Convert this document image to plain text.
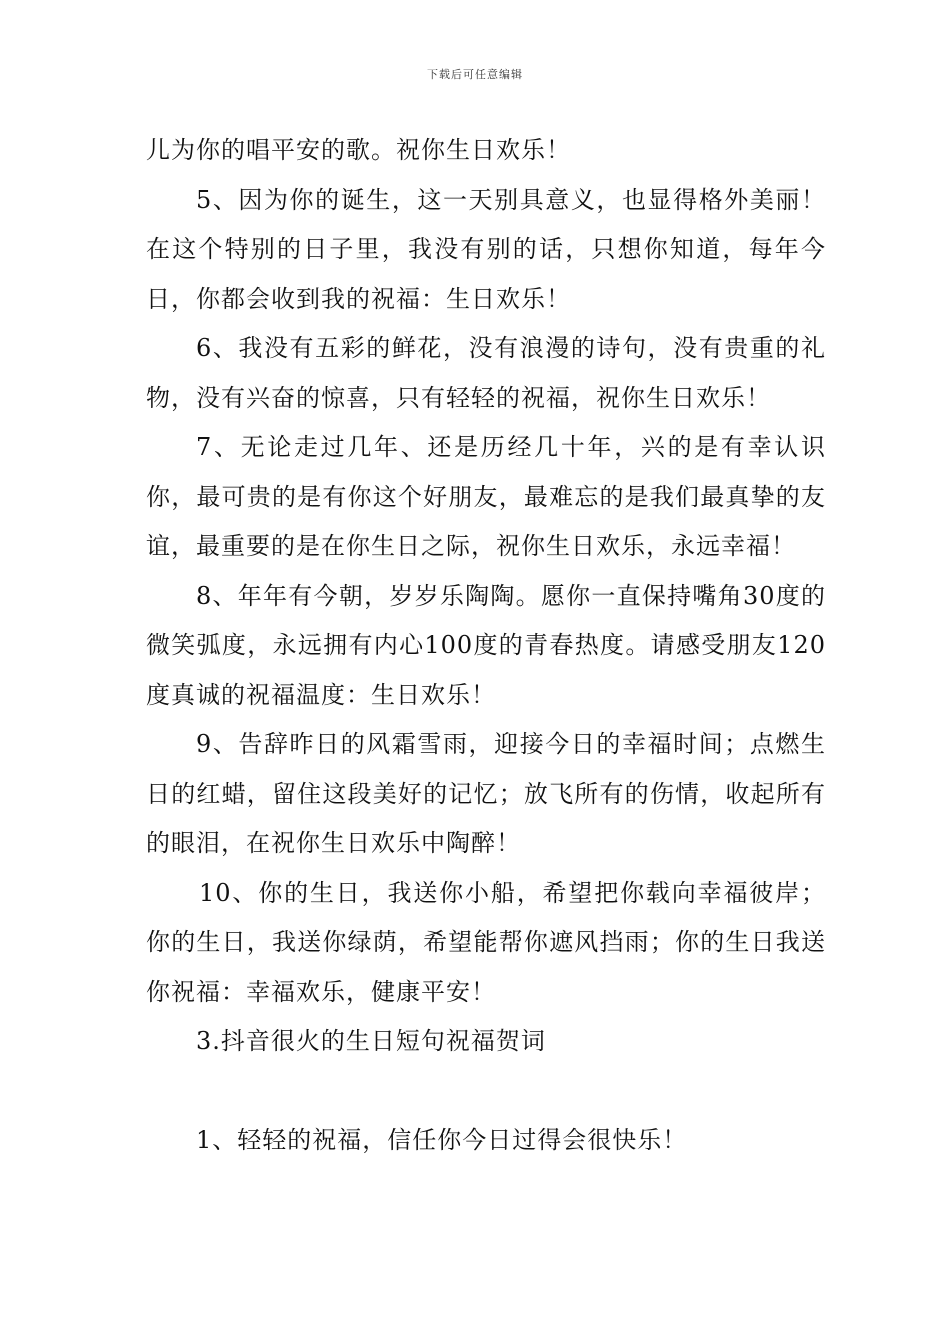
下载后可任意编辑

儿为你的唱平安的歌。祝你生日欢乐！

5、因为你的诞生，这一天别具意义，也显得格外美丽！在这个特别的日子里，我没有别的话，只想你知道，每年今日，你都会收到我的祝福：生日欢乐！

6、我没有五彩的鲜花，没有浪漫的诗句，没有贵重的礼物，没有兴奋的惊喜，只有轻轻的祝福，祝你生日欢乐！

7、无论走过几年、还是历经几十年，兴的是有幸认识你，最可贵的是有你这个好朋友，最难忘的是我们最真挚的友谊，最重要的是在你生日之际，祝你生日欢乐，永远幸福！

8、年年有今朝，岁岁乐陶陶。愿你一直保持嘴角30度的微笑弧度，永远拥有内心100度的青春热度。请感受朋友120度真诚的祝福温度：生日欢乐！

9、告辞昨日的风霜雪雨，迎接今日的幸福时间；点燃生日的红蜡，留住这段美好的记忆；放飞所有的伤情，收起所有的眼泪，在祝你生日欢乐中陶醉！

10、你的生日，我送你小船，希望把你载向幸福彼岸；你的生日，我送你绿荫，希望能帮你遮风挡雨；你的生日我送你祝福：幸福欢乐，健康平安！

3.抖音很火的生日短句祝福贺词

1、轻轻的祝福，信任你今日过得会很快乐！
